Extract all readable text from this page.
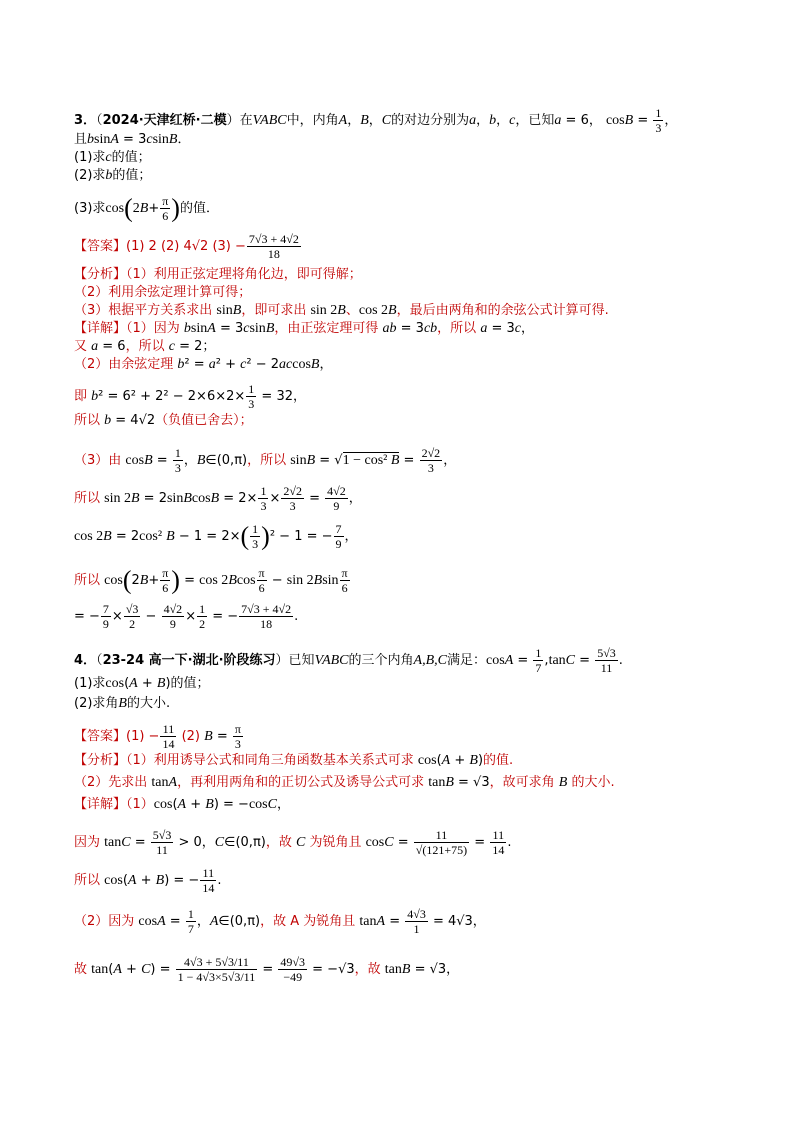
3．（2024·天津红桥·二模）在VABC中，内角A，B，C的对边分别为a，b，c，已知a = 6， $\cos B = \frac{1}{3}$ ，
且bsinA = 3csinB．
(1)求c的值；
(2)求b的值；
(3)求$\cos(2B+ \frac{\pi}{6}$ )的值．
【答案】(1) 2 (2) 4√2 $(3) - \frac{7√3 + 4√2}{18}$
【分析】（1）利用正弦定理将角化边，即可得解；
（2）利用余弦定理计算可得；
（3）根据平方关系求出 sinB，即可求出 sin 2B、cos 2B，最后由两角和的余弦公式计算可得.
【详解】（1）因为 bsinA = 3csinB，由正弦定理可得 ab = 3cb，所以 a = 3c，
又 a = 6，所以 c = 2；
（2）由余弦定理 b² = a² + c² − 2accosB，
即 $b^2 = 6^2 + 2^2 - 2\times 6\times 2\times \frac{1}{3} = 32$，
所以 b = 4√2（负值已舍去）；
（3）由 $\cos B = \frac{1}{3}$ ，B∈(0,π)，所以 sinB = √1 − cos² $B = \frac{2√2}{3}$ ，
所以 sin 2B = 2sinBcosB = $2\times \frac{1}{3} \times \frac{2√2}{3} = \frac{4√2}{9}$ ，
cos 2B = 2cos² $B - 1 = 2\times( \frac{1}{3} )^2 - 1$ = − $\frac{7}{9}$ ，
所以 $\cos(2B+ \frac{\pi}{6}$ ) = $\cos 2Bcos \frac{\pi}{6} - \sin 2Bsin \frac{\pi}{6}$
= − $\frac{7}{9} \times \frac{√3}{2} - \frac{4√2}{9} \times \frac{1}{2}$ = − $\frac{7√3 + 4√2}{18}$ .
4．（23-24 高一下·湖北·阶段练习）已知VABC的三个内角A,B,C满足：$\cos A = \frac{1}{7} ,\tan C = \frac{5√3}{11}$ .
(1)求cos(A + B)的值；
(2)求角B的大小.
【答案】$(1) - \frac{11}{14} (2) B = \frac{\pi}{3}$
【分析】（1）利用诱导公式和同角三角函数基本关系式可求 cos(A + B)的值.
（2）先求出 tanA，再利用两角和的正切公式及诱导公式可求 tanB = √3，故可求角 B 的大小.
【详解】（1）cos(A + B) = −cosC，
因为 $\tan C = \frac{5√3}{11} > 0$，C∈(0,π)，故 C 为锐角且 $\cos C = \frac{11}{√(121+75)} = \frac{11}{14}$ .
所以 cos(A + B) = − $\frac{11}{14}$ .
（2）因为 $\cos A = \frac{1}{7}$ ，A∈(0,π)，故 A 为锐角且 $\tan A = \frac{4√3}{1} = 4√3$，
故 $\tan(A + C) = \frac{4√3 + 5√3/11}{1 - 4√3\times 5√3/11} = \frac{49√3}{-49} = -√3$，故 tanB = √3，
